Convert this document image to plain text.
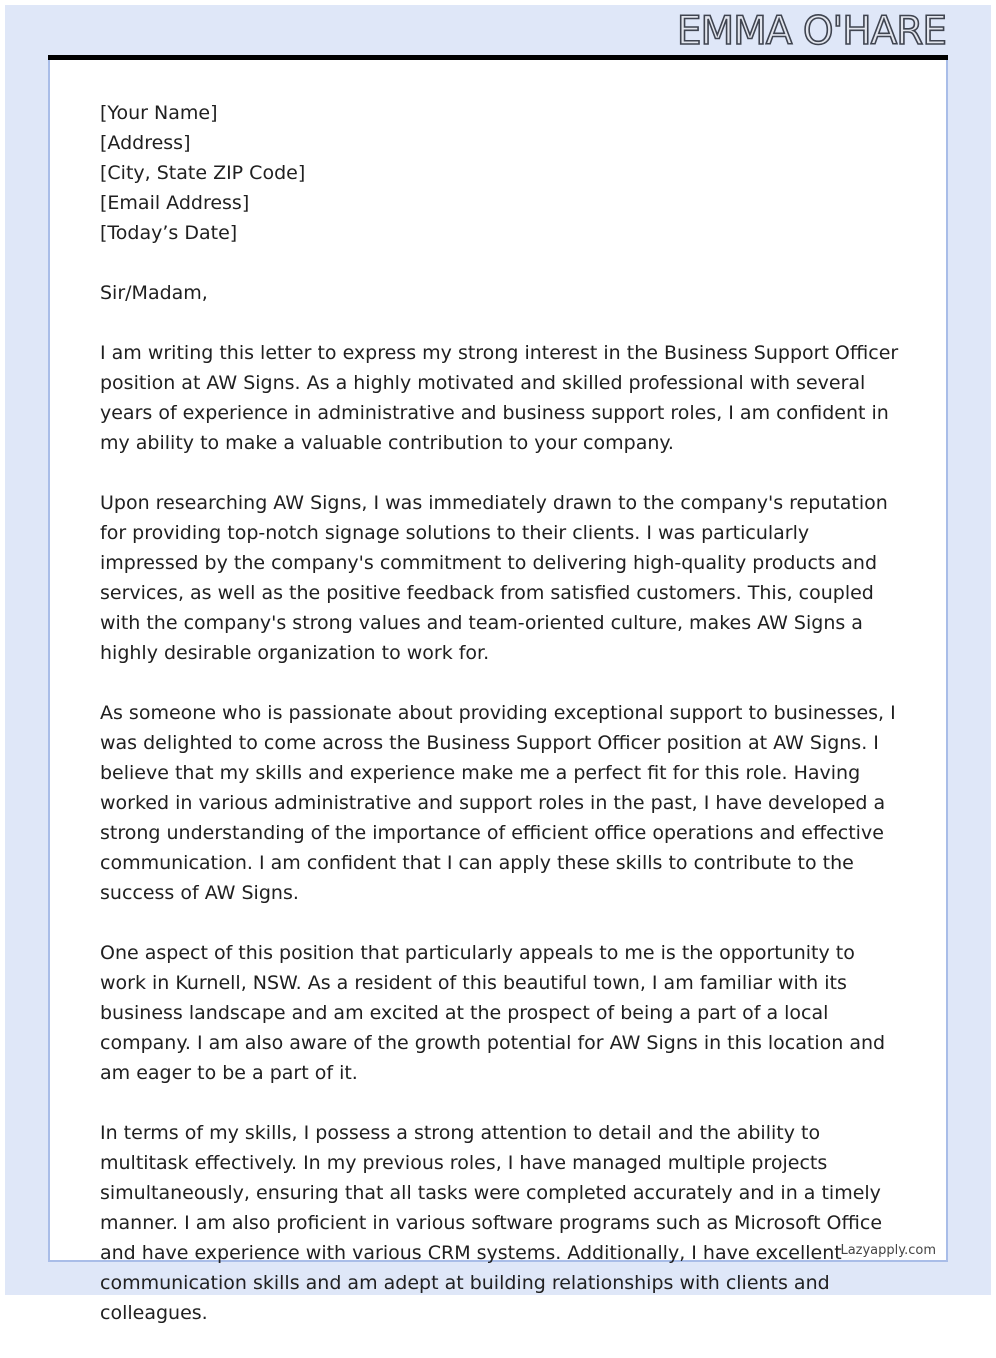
EMMA O'HARE

[Your Name]
[Address]
[City, State ZIP Code]
[Email Address]
[Today’s Date]

Sir/Madam,

I am writing this letter to express my strong interest in the Business Support Officer position at AW Signs. As a highly motivated and skilled professional with several years of experience in administrative and business support roles, I am confident in my ability to make a valuable contribution to your company.

Upon researching AW Signs, I was immediately drawn to the company's reputation for providing top-notch signage solutions to their clients. I was particularly impressed by the company's commitment to delivering high-quality products and services, as well as the positive feedback from satisfied customers. This, coupled with the company's strong values and team-oriented culture, makes AW Signs a highly desirable organization to work for.

As someone who is passionate about providing exceptional support to businesses, I was delighted to come across the Business Support Officer position at AW Signs. I believe that my skills and experience make me a perfect fit for this role. Having worked in various administrative and support roles in the past, I have developed a strong understanding of the importance of efficient office operations and effective communication. I am confident that I can apply these skills to contribute to the success of AW Signs.

One aspect of this position that particularly appeals to me is the opportunity to work in Kurnell, NSW. As a resident of this beautiful town, I am familiar with its business landscape and am excited at the prospect of being a part of a local company. I am also aware of the growth potential for AW Signs in this location and am eager to be a part of it.

In terms of my skills, I possess a strong attention to detail and the ability to multitask effectively. In my previous roles, I have managed multiple projects simultaneously, ensuring that all tasks were completed accurately and in a timely manner. I am also proficient in various software programs such as Microsoft Office and have experience with various CRM systems. Additionally, I have excellent communication skills and am adept at building relationships with clients and colleagues.

Lazyapply.com
